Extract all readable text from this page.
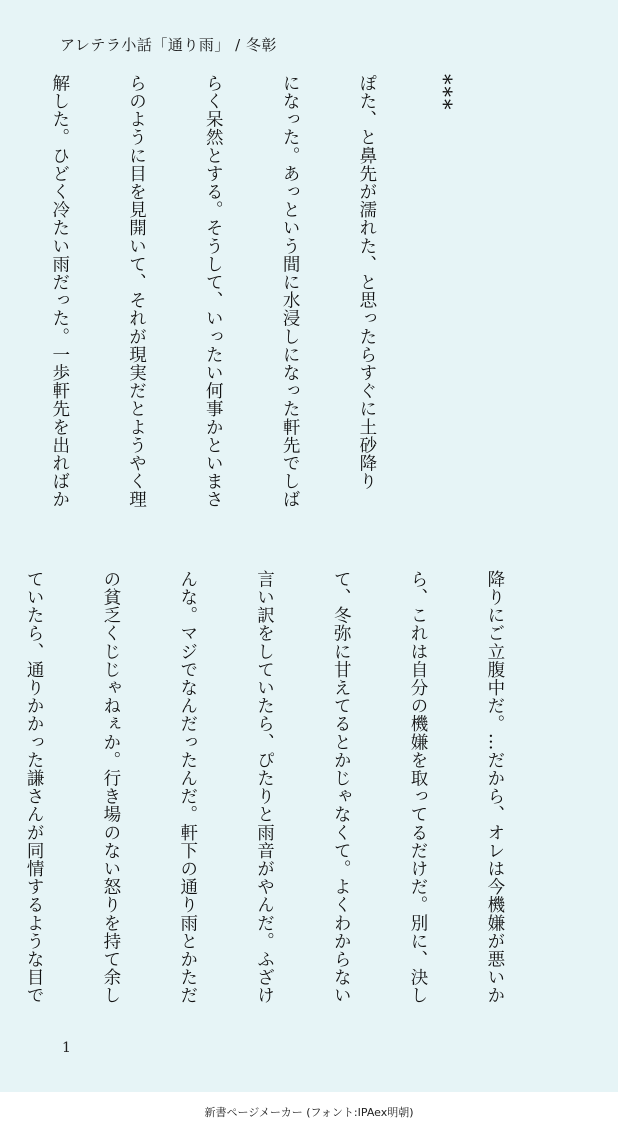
アレテラ小話「通り雨」 / 冬彰

***

ぽた、と鼻先が濡れた、と思ったらすぐに土砂降り

になった。あっという間に水浸しになった軒先でしば

らく呆然とする。そうして、いったい何事かといまさ

らのように目を見開いて、それが現実だとようやく理

解した。ひどく冷たい雨だった。一歩軒先を出ればか

降りにご立腹中だ。…だから、オレは今機嫌が悪いか

ら、これは自分の機嫌を取ってるだけだ。別に、決し

て、冬弥に甘えてるとかじゃなくて。よくわからない

言い訳をしていたら、ぴたりと雨音がやんだ。ふざけ

んな。マジでなんだったんだ。軒下の通り雨とかただ

の貧乏くじじゃねぇか。行き場のない怒りを持て余し

ていたら、通りかかった謙さんが同情するような目で

1
新書ページメーカー (フォント:IPAex明朝)
